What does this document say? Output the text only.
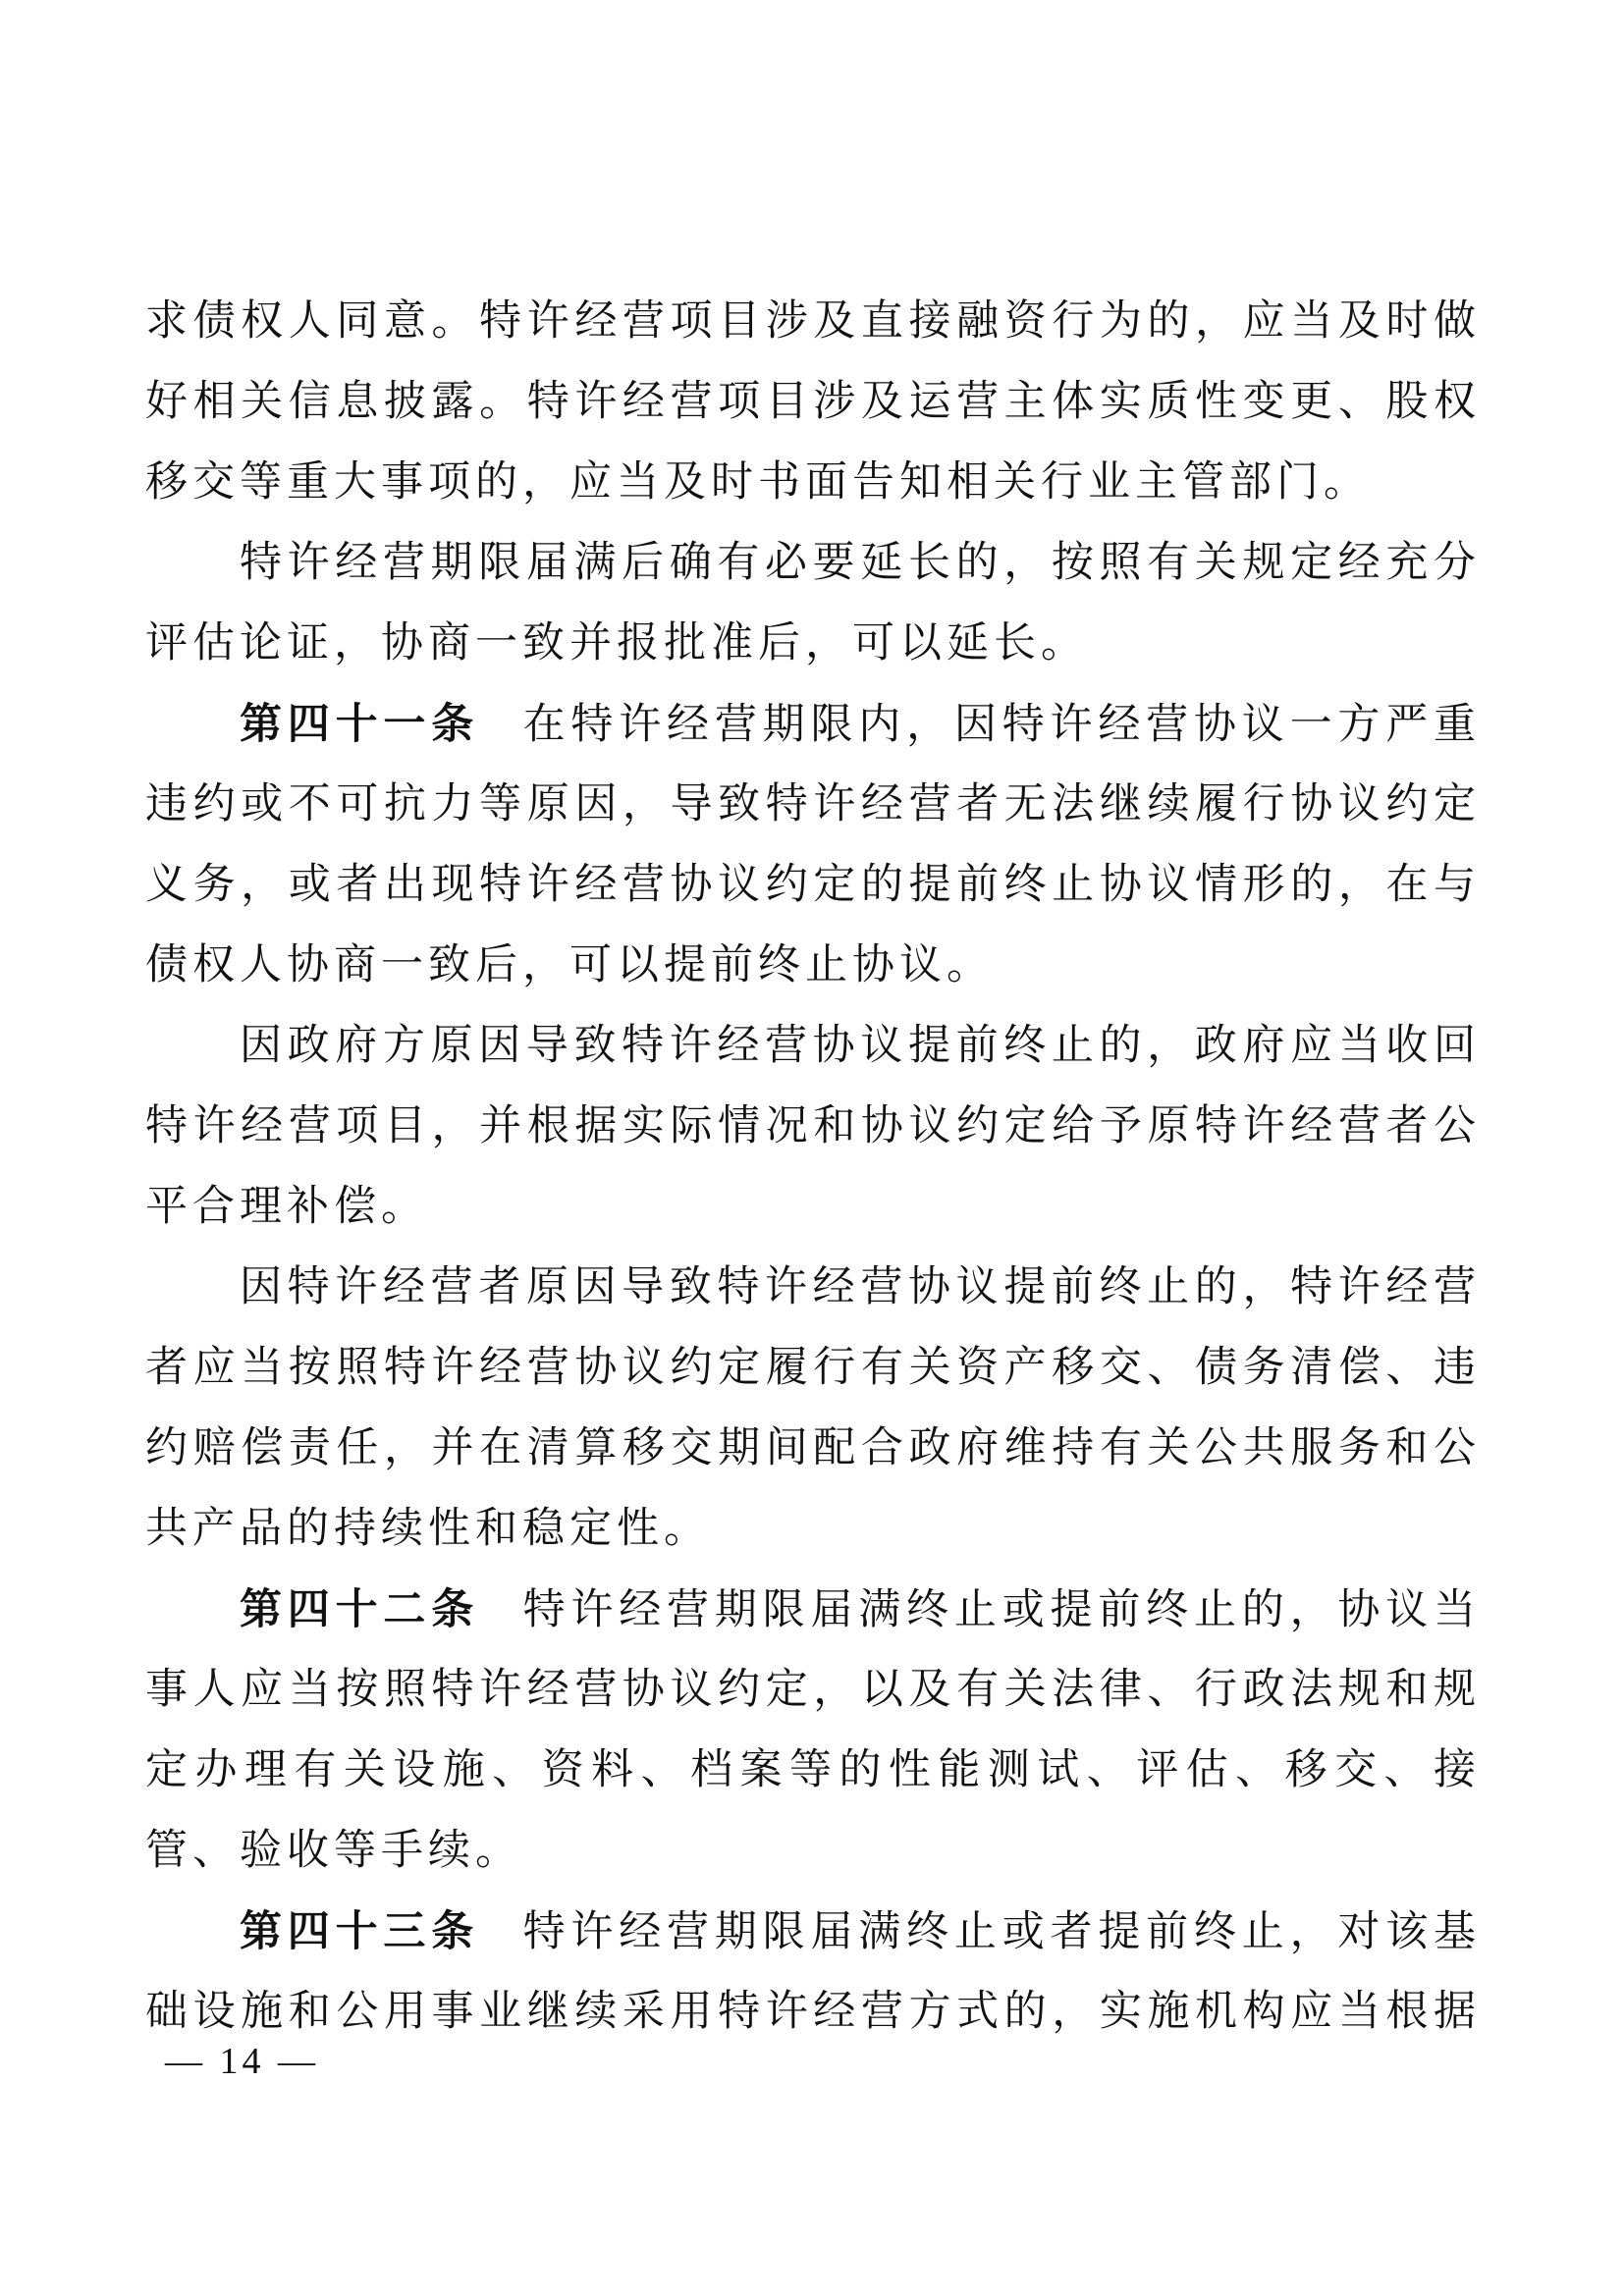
求债权人同意。特许经营项目涉及直接融资行为的，应当及时做
好相关信息披露。特许经营项目涉及运营主体实质性变更、股权
移交等重大事项的，应当及时书面告知相关行业主管部门。
特许经营期限届满后确有必要延长的，按照有关规定经充分
评估论证，协商一致并报批准后，可以延长。
第四十一条 在特许经营期限内，因特许经营协议一方严重
违约或不可抗力等原因，导致特许经营者无法继续履行协议约定
义务，或者出现特许经营协议约定的提前终止协议情形的，在与
债权人协商一致后，可以提前终止协议。
因政府方原因导致特许经营协议提前终止的，政府应当收回
特许经营项目，并根据实际情况和协议约定给予原特许经营者公
平合理补偿。
因特许经营者原因导致特许经营协议提前终止的，特许经营
者应当按照特许经营协议约定履行有关资产移交、债务清偿、违
约赔偿责任，并在清算移交期间配合政府维持有关公共服务和公
共产品的持续性和稳定性。
第四十二条 特许经营期限届满终止或提前终止的，协议当
事人应当按照特许经营协议约定，以及有关法律、行政法规和规
定办理有关设施、资料、档案等的性能测试、评估、移交、接
管、验收等手续。
第四十三条 特许经营期限届满终止或者提前终止，对该基
础设施和公用事业继续采用特许经营方式的，实施机构应当根据
— 14 —
